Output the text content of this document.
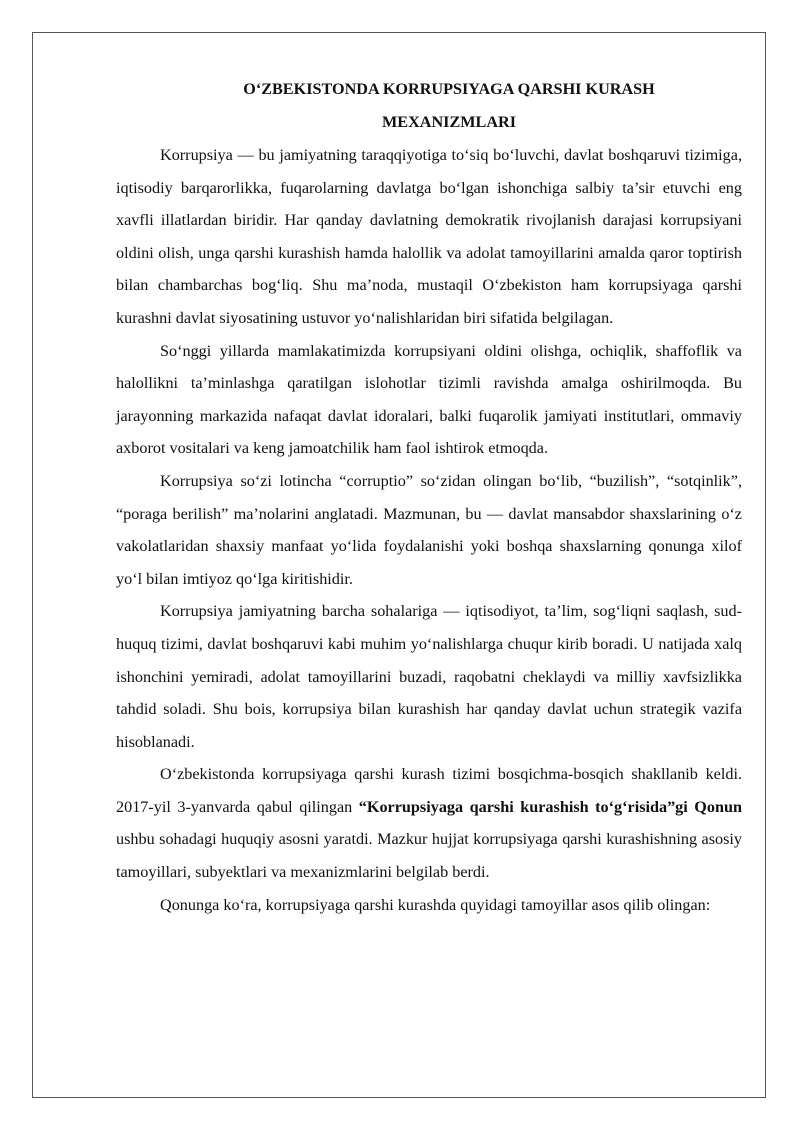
O‘ZBEKISTONDA KORRUPSIYAGA QARSHI KURASH
MEXANIZMLARI

Korrupsiya — bu jamiyatning taraqqiyotiga to‘siq bo‘luvchi, davlat boshqaruvi tizimiga, iqtisodiy barqarorlikka, fuqarolarning davlatga bo‘lgan ishonchiga salbiy ta’sir etuvchi eng xavfli illatlardan biridir. Har qanday davlatning demokratik rivojlanish darajasi korrupsiyani oldini olish, unga qarshi kurashish hamda halollik va adolat tamoyillarini amalda qaror toptirish bilan chambarchas bog‘liq. Shu ma’noda, mustaqil O‘zbekiston ham korrupsiyaga qarshi kurashni davlat siyosatining ustuvor yo‘nalishlaridan biri sifatida belgilagan.

So‘nggi yillarda mamlakatimizda korrupsiyani oldini olishga, ochiqlik, shaffoflik va halollikni ta’minlashga qaratilgan islohotlar tizimli ravishda amalga oshirilmoqda. Bu jarayonning markazida nafaqat davlat idoralari, balki fuqarolik jamiyati institutlari, ommaviy axborot vositalari va keng jamoatchilik ham faol ishtirok etmoqda.

Korrupsiya so‘zi lotincha “corruptio” so‘zidan olingan bo‘lib, “buzilish”, “sotqinlik”, “poraga berilish” ma’nolarini anglatadi. Mazmunan, bu — davlat mansabdor shaxslarining o‘z vakolatlaridan shaxsiy manfaat yo‘lida foydalanishi yoki boshqa shaxslarning qonunga xilof yo‘l bilan imtiyoz qo‘lga kiritishidir.

Korrupsiya jamiyatning barcha sohalariga — iqtisodiyot, ta’lim, sog‘liqni saqlash, sud-huquq tizimi, davlat boshqaruvi kabi muhim yo‘nalishlarga chuqur kirib boradi. U natijada xalq ishonchini yemiradi, adolat tamoyillarini buzadi, raqobatni cheklaydi va milliy xavfsizlikka tahdid soladi. Shu bois, korrupsiya bilan kurashish har qanday davlat uchun strategik vazifa hisoblanadi.

O‘zbekistonda korrupsiyaga qarshi kurash tizimi bosqichma-bosqich shakllanib keldi. 2017-yil 3-yanvarda qabul qilingan “Korrupsiyaga qarshi kurashish to‘g‘risida”gi Qonun ushbu sohadagi huquqiy asosni yaratdi. Mazkur hujjat korrupsiyaga qarshi kurashishning asosiy tamoyillari, subyektlari va mexanizmlarini belgilab berdi.

Qonunga ko‘ra, korrupsiyaga qarshi kurashda quyidagi tamoyillar asos qilib olingan:
